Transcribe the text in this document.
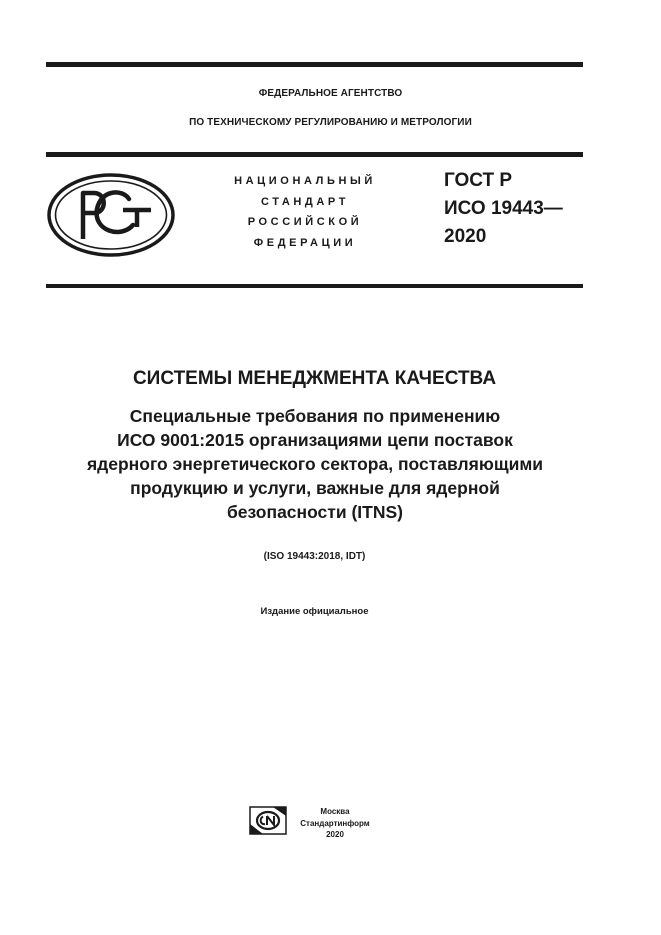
ФЕДЕРАЛЬНОЕ АГЕНТСТВО
ПО ТЕХНИЧЕСКОМУ РЕГУЛИРОВАНИЮ И МЕТРОЛОГИИ
НАЦИОНАЛЬНЫЙ
СТАНДАРТ
РОССИЙСКОЙ
ФЕДЕРАЦИИ
ГОСТ Р
ИСО 19443—
2020
СИСТЕМЫ МЕНЕДЖМЕНТА КАЧЕСТВА
Специальные требования по применению
ИСО 9001:2015 организациями цепи поставок
ядерного энергетического сектора, поставляющими
продукцию и услуги, важные для ядерной
безопасности (ITNS)
(ISO 19443:2018, IDT)
Издание официальное
Москва
Стандартинформ
2020
